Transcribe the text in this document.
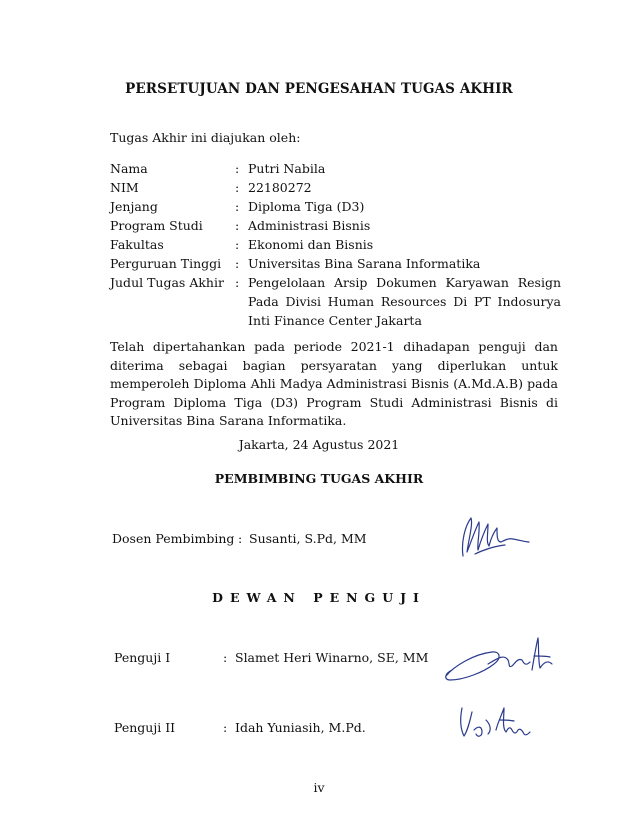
PERSETUJUAN DAN PENGESAHAN TUGAS AKHIR
Tugas Akhir ini diajukan oleh:
Nama	:	Putri Nabila
NIM	:	22180272
Jenjang	:	Diploma Tiga (D3)
Program Studi	:	Administrasi Bisnis
Fakultas	:	Ekonomi dan Bisnis
Perguruan Tinggi	:	Universitas Bina Sarana Informatika
Judul Tugas Akhir	:	Pengelolaan Arsip Dokumen Karyawan Resign Pada Divisi Human Resources Di PT Indosurya Inti Finance Center Jakarta
Telah dipertahankan pada periode 2021-1 dihadapan penguji dan diterima sebagai bagian persyaratan yang diperlukan untuk memperoleh Diploma Ahli Madya Administrasi Bisnis (A.Md.A.B) pada Program Diploma Tiga (D3) Program Studi Administrasi Bisnis di Universitas Bina Sarana Informatika.
Jakarta, 24 Agustus 2021
PEMBIMBING TUGAS AKHIR
Dosen Pembimbing : Susanti, S.Pd, MM
DEWAN PENGUJI
Penguji I	: Slamet Heri Winarno, SE, MM
Penguji II	: Idah Yuniasih, M.Pd.
iv
